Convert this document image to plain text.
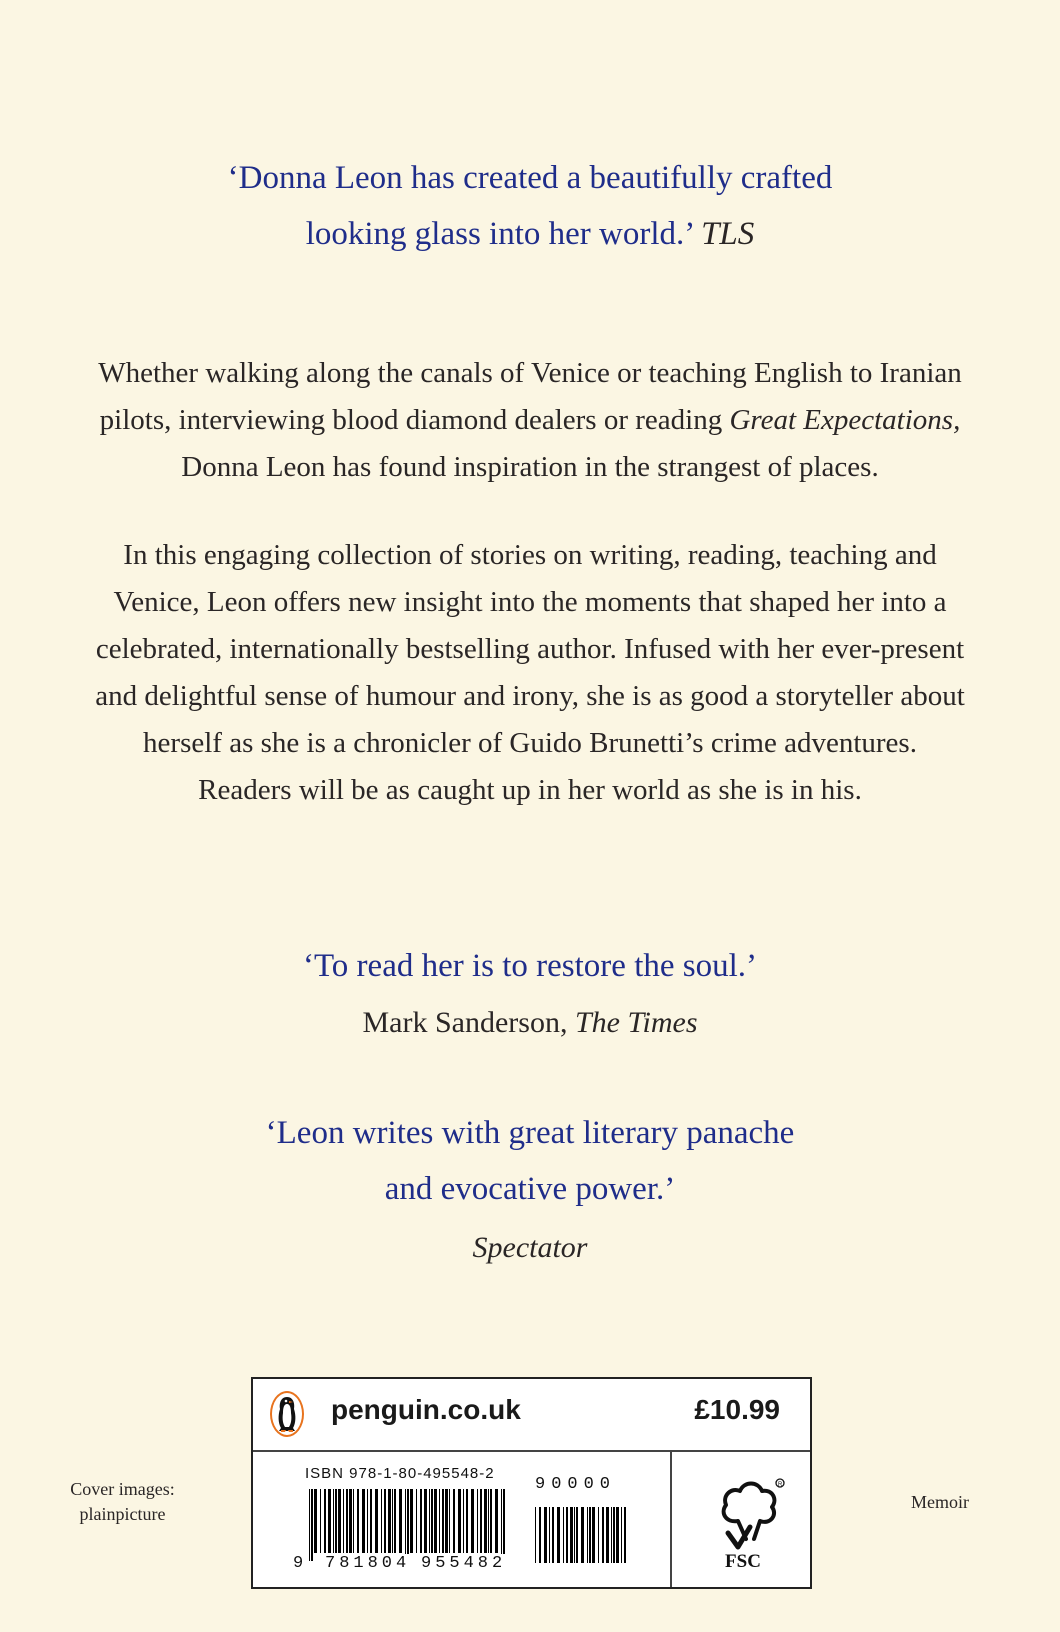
‘Donna Leon has created a beautifully crafted
looking glass into her world.’ TLS

Whether walking along the canals of Venice or teaching English to Iranian

pilots, interviewing blood diamond dealers or reading Great Expectations,

Donna Leon has found inspiration in the strangest of places.

In this engaging collection of stories on writing, reading, teaching and

Venice, Leon offers new insight into the moments that shaped her into a

celebrated, internationally bestselling author. Infused with her ever-present

and delightful sense of humour and irony, she is as good a storyteller about

herself as she is a chronicler of Guido Brunetti’s crime adventures.

Readers will be as caught up in her world as she is in his.

‘To read her is to restore the soul.’
Mark Sanderson, The Times
‘Leon writes with great literary panache
and evocative power.’
Spectator
Cover images:
plainpicture
Memoir
penguin.co.uk	£10.99
ISBN 978-1-80-495548-2
9 781804 955482
90000	R
FSC
